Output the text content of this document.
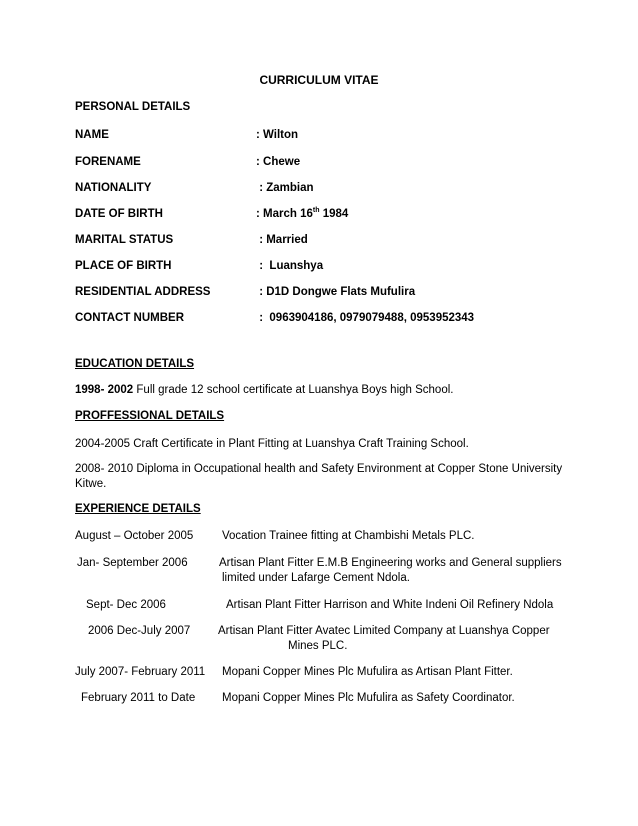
CURRICULUM VITAE
PERSONAL DETAILS
NAME	: Wilton
FORENAME	: Chewe
NATIONALITY	: Zambian
DATE OF BIRTH	: March 16th 1984
MARITAL STATUS	: Married
PLACE OF BIRTH	:  Luanshya
RESIDENTIAL ADDRESS	: D1D Dongwe Flats Mufulira
CONTACT NUMBER	:  0963904186, 0979079488, 0953952343
EDUCATION DETAILS
1998- 2002 Full grade 12 school certificate at Luanshya Boys high School.
PROFFESSIONAL DETAILS
2004-2005 Craft Certificate in Plant Fitting at Luanshya Craft Training School.
2008- 2010 Diploma in Occupational health and Safety Environment at Copper Stone University
Kitwe.
EXPERIENCE DETAILS
August – October 2005 Vocation Trainee fitting at Chambishi Metals PLC.
Jan- September 2006	Artisan Plant Fitter E.M.B Engineering works and General suppliers
limited under Lafarge Cement Ndola.
Sept- Dec 2006	Artisan Plant Fitter Harrison and White Indeni Oil Refinery Ndola
2006 Dec-July 2007 Artisan Plant Fitter Avatec Limited Company at Luanshya Copper
Mines PLC.
July 2007- February 2011 Mopani Copper Mines Plc Mufulira as Artisan Plant Fitter.
February 2011 to Date Mopani Copper Mines Plc Mufulira as Safety Coordinator.
